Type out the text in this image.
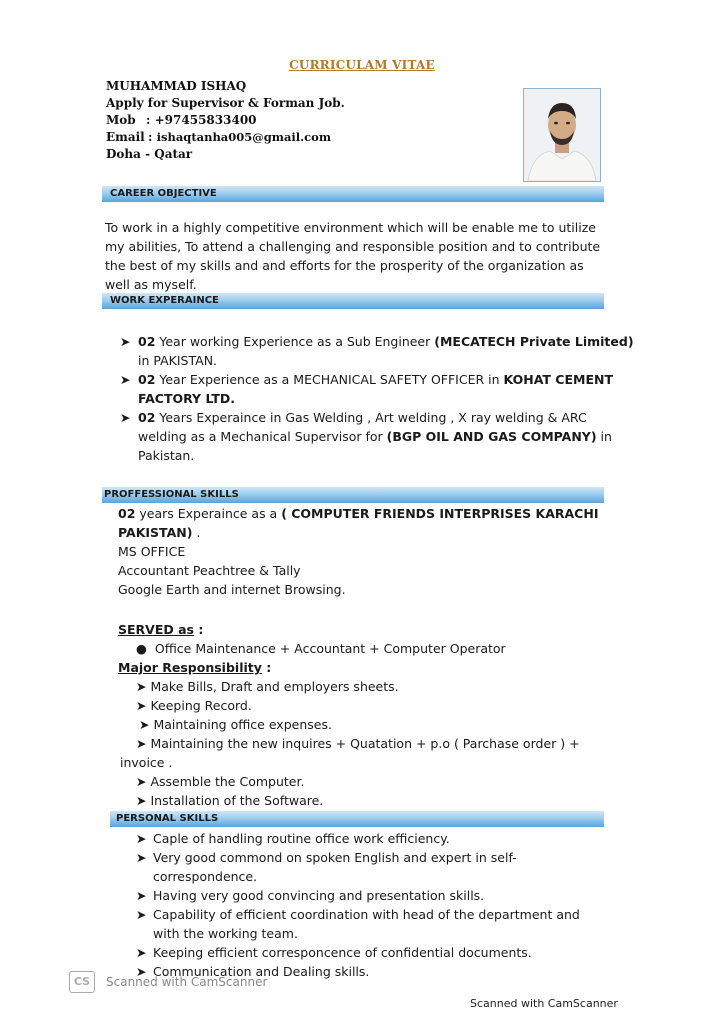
CURRICULAM VITAE
MUHAMMAD ISHAQ
Apply for Supervisor & Forman Job.
Mob : +97455833400
Email : ishaqtanha005@gmail.com
Doha - Qatar
CAREER OBJECTIVE
To work in a highly competitive environment which will be enable me to utilize
my abilities, To attend a challenging and responsible position and to contribute
the best of my skills and and efforts for the prosperity of the organization as
well as myself.
WORK EXPERAINCE
➤ 02 Year working Experience as a Sub Engineer (MECATECH Private Limited)
in PAKISTAN.
➤ 02 Year Experience as a MECHANICAL SAFETY OFFICER in KOHAT CEMENT
FACTORY LTD.
➤ 02 Years Experaince in Gas Welding , Art welding , X ray welding & ARC
welding as a Mechanical Supervisor for (BGP OIL AND GAS COMPANY) in
Pakistan.
PROFFESSIONAL SKILLS
02 years Experaince as a ( COMPUTER FRIENDS INTERPRISES KARACHI
PAKISTAN) .
MS OFFICE
Accountant Peachtree & Tally
Google Earth and internet Browsing.
SERVED as :
● Office Maintenance + Accountant + Computer Operator
Major Responsibility :
➤ Make Bills, Draft and employers sheets.
➤ Keeping Record.
➤ Maintaining office expenses.
➤ Maintaining the new inquires + Quatation + p.o ( Parchase order ) +
invoice .
➤ Assemble the Computer.
➤ Installation of the Software.
PERSONAL SKILLS
➤ Caple of handling routine office work efficiency.
➤ Very good commond on spoken English and expert in self-
correspondence.
➤ Having very good convincing and presentation skills.
➤ Capability of efficient coordination with head of the department and
with the working team.
➤ Keeping efficient corresponcence of confidential documents.
➤ Communication and Dealing skills.
CS	Scanned with CamScanner
Scanned with CamScanner
